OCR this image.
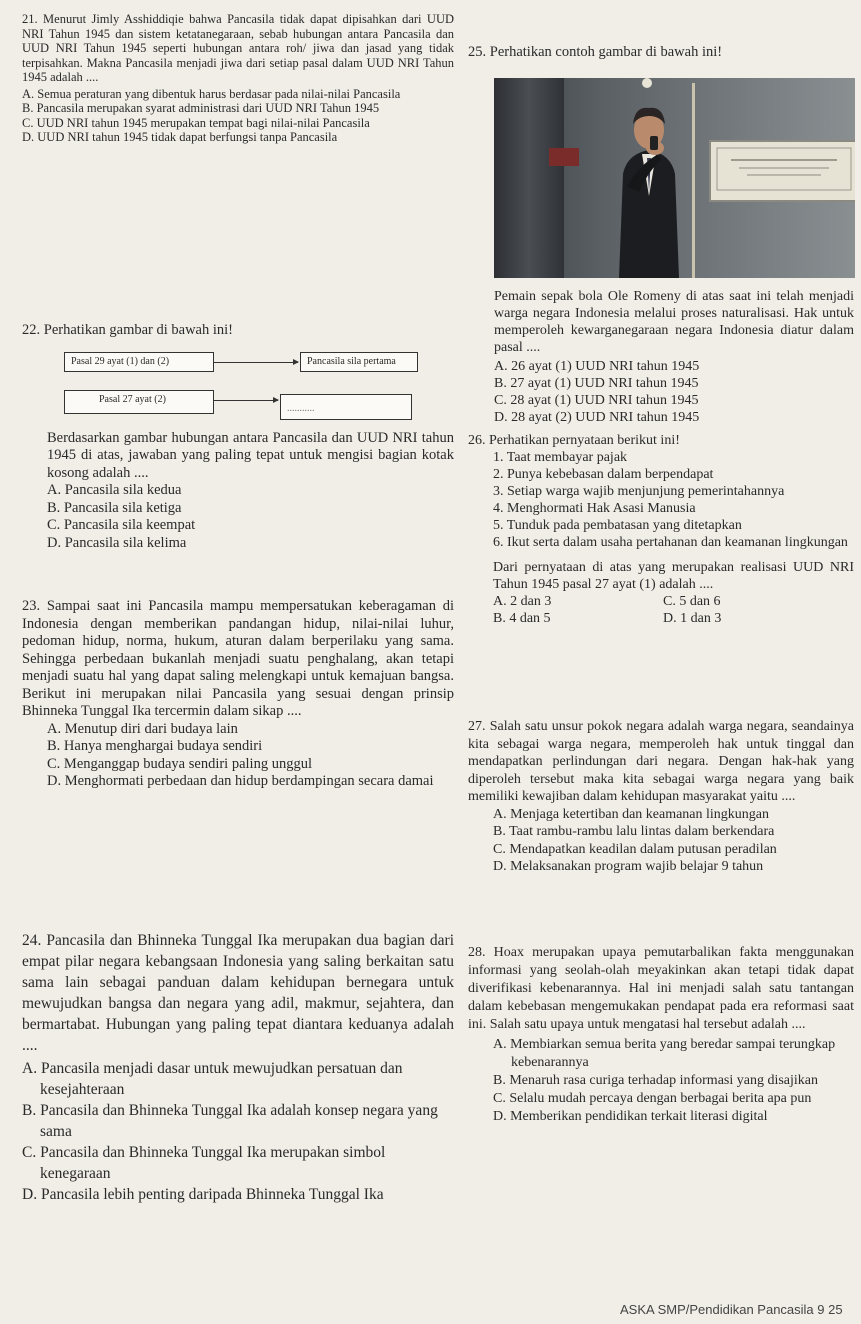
21. Menurut Jimly Asshiddiqie bahwa Pancasila tidak dapat dipisahkan dari UUD NRI Tahun 1945 dan sistem ketatanegaraan, sebab hubungan antara Pancasila dan UUD NRI Tahun 1945 seperti hubungan antara roh/ jiwa dan jasad yang tidak terpisahkan. Makna Pancasila menjadi jiwa dari setiap pasal dalam UUD NRI Tahun 1945 adalah ....
A. Semua peraturan yang dibentuk harus berdasar pada nilai-nilai Pancasila
B. Pancasila merupakan syarat administrasi dari UUD NRI Tahun 1945
C. UUD NRI tahun 1945 merupakan tempat bagi nilai-nilai Pancasila
D. UUD NRI tahun 1945 tidak dapat berfungsi tanpa Pancasila
22. Perhatikan gambar di bawah ini!
Pasal 29 ayat (1) dan (2)	Pancasila sila pertama
Pasal 27 ayat (2)
...........
Berdasarkan gambar hubungan antara Pancasila dan UUD NRI tahun 1945 di atas, jawaban yang paling tepat untuk mengisi bagian kotak kosong adalah ....
A. Pancasila sila kedua
B. Pancasila sila ketiga
C. Pancasila sila keempat
D. Pancasila sila kelima
23. Sampai saat ini Pancasila mampu mempersatukan keberagaman di Indonesia dengan memberikan pandangan hidup, nilai-nilai luhur, pedoman hidup, norma, hukum, aturan dalam berperilaku yang sama. Sehingga perbedaan bukanlah menjadi suatu penghalang, akan tetapi menjadi suatu hal yang dapat saling melengkapi untuk kemajuan bangsa. Berikut ini merupakan nilai Pancasila yang sesuai dengan prinsip Bhinneka Tunggal Ika tercermin dalam sikap ....
A. Menutup diri dari budaya lain
B. Hanya menghargai budaya sendiri
C. Menganggap budaya sendiri paling unggul
D. Menghormati perbedaan dan hidup berdampingan secara damai
24. Pancasila dan Bhinneka Tunggal Ika merupakan dua bagian dari empat pilar negara kebangsaan Indonesia yang saling berkaitan satu sama lain sebagai panduan dalam kehidupan bernegara untuk mewujudkan bangsa dan negara yang adil, makmur, sejahtera, dan bermartabat. Hubungan yang paling tepat diantara keduanya adalah ....
A. Pancasila menjadi dasar untuk mewujudkan persatuan dan kesejahteraan
B. Pancasila dan Bhinneka Tunggal Ika adalah konsep negara yang sama
C. Pancasila dan Bhinneka Tunggal Ika merupakan simbol kenegaraan
D. Pancasila lebih penting daripada Bhinneka Tunggal Ika
25. Perhatikan contoh gambar di bawah ini!
Pemain sepak bola Ole Romeny di atas saat ini telah menjadi warga negara Indonesia melalui proses naturalisasi. Hak untuk memperoleh kewarganegaraan negara Indonesia diatur dalam pasal ....
A. 26 ayat (1) UUD NRI tahun 1945
B. 27 ayat (1) UUD NRI tahun 1945
C. 28 ayat (1) UUD NRI tahun 1945
D. 28 ayat (2) UUD NRI tahun 1945
26. Perhatikan pernyataan berikut ini!
1. Taat membayar pajak
2. Punya kebebasan dalam berpendapat
3. Setiap warga wajib menjunjung pemerintahannya
4. Menghormati Hak Asasi Manusia
5. Tunduk pada pembatasan yang ditetapkan
6. Ikut serta dalam usaha pertahanan dan keamanan lingkungan
Dari pernyataan di atas yang merupakan realisasi UUD NRI Tahun 1945 pasal 27 ayat (1) adalah ....
A. 2 dan 3	C. 5 dan 6
B. 4 dan 5	D. 1 dan 3
27. Salah satu unsur pokok negara adalah warga negara, seandainya kita sebagai warga negara, memperoleh hak untuk tinggal dan mendapatkan perlindungan dari negara. Dengan hak-hak yang diperoleh tersebut maka kita sebagai warga negara yang baik memiliki kewajiban dalam kehidupan masyarakat yaitu ....
A. Menjaga ketertiban dan keamanan lingkungan
B. Taat rambu-rambu lalu lintas dalam berkendara
C. Mendapatkan keadilan dalam putusan peradilan
D. Melaksanakan program wajib belajar 9 tahun
28. Hoax merupakan upaya pemutarbalikan fakta menggunakan informasi yang seolah-olah meyakinkan akan tetapi tidak dapat diverifikasi kebenarannya. Hal ini menjadi salah satu tantangan dalam kebebasan mengemukakan pendapat pada era reformasi saat ini. Salah satu upaya untuk mengatasi hal tersebut adalah ....
A. Membiarkan semua berita yang beredar sampai terungkap kebenarannya
B. Menaruh rasa curiga terhadap informasi yang disajikan
C. Selalu mudah percaya dengan berbagai berita apa pun
D. Memberikan pendidikan terkait literasi digital
ASKA SMP/Pendidikan Pancasila 9 25
